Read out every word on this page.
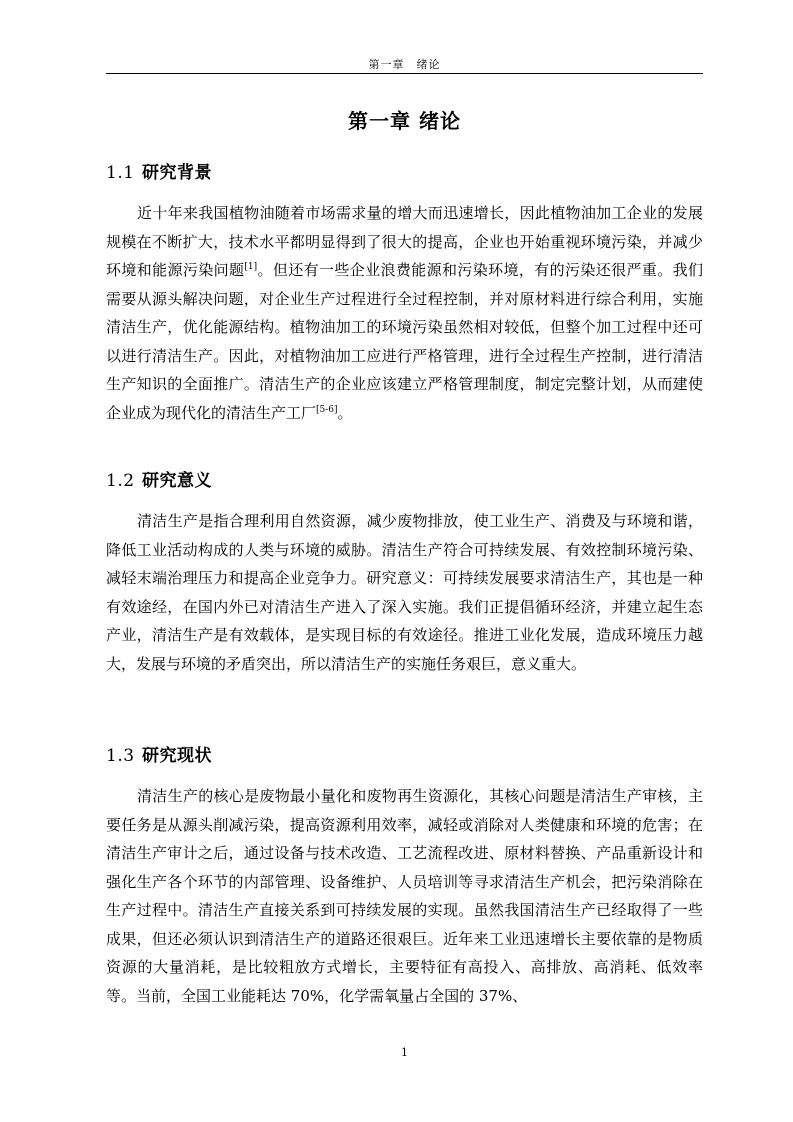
第一章　绪论
第一章 绪论
1.1 研究背景

近十年来我国植物油随着市场需求量的增大而迅速增长，因此植物油加工企业的发展规模在不断扩大，技术水平都明显得到了很大的提高，企业也开始重视环境污染，并减少环境和能源污染问题[1]。但还有一些企业浪费能源和污染环境，有的污染还很严重。我们需要从源头解决问题，对企业生产过程进行全过程控制，并对原材料进行综合利用，实施清洁生产，优化能源结构。植物油加工的环境污染虽然相对较低，但整个加工过程中还可以进行清洁生产。因此，对植物油加工应进行严格管理，进行全过程生产控制，进行清洁生产知识的全面推广。清洁生产的企业应该建立严格管理制度，制定完整计划，从而建使企业成为现代化的清洁生产工厂[5-6]。

1.2 研究意义

清洁生产是指合理利用自然资源，减少废物排放，使工业生产、消费及与环境和谐，降低工业活动构成的人类与环境的威胁。清洁生产符合可持续发展、有效控制环境污染、减轻末端治理压力和提高企业竞争力。研究意义：可持续发展要求清洁生产，其也是一种有效途经，在国内外已对清洁生产进入了深入实施。我们正提倡循环经济，并建立起生态产业，清洁生产是有效载体，是实现目标的有效途径。推进工业化发展，造成环境压力越大，发展与环境的矛盾突出，所以清洁生产的实施任务艰巨，意义重大。

1.3 研究现状

清洁生产的核心是废物最小量化和废物再生资源化，其核心问题是清洁生产审核，主要任务是从源头削减污染，提高资源利用效率，减轻或消除对人类健康和环境的危害；在清洁生产审计之后，通过设备与技术改造、工艺流程改进、原材料替换、产品重新设计和强化生产各个环节的内部管理、设备维护、人员培训等寻求清洁生产机会，把污染消除在生产过程中。清洁生产直接关系到可持续发展的实现。虽然我国清洁生产已经取得了一些成果，但还必须认识到清洁生产的道路还很艰巨。近年来工业迅速增长主要依靠的是物质资源的大量消耗，是比较粗放方式增长，主要特征有高投入、高排放、高消耗、低效率等。当前，全国工业能耗达 70%，化学需氧量占全国的 37%、

1
